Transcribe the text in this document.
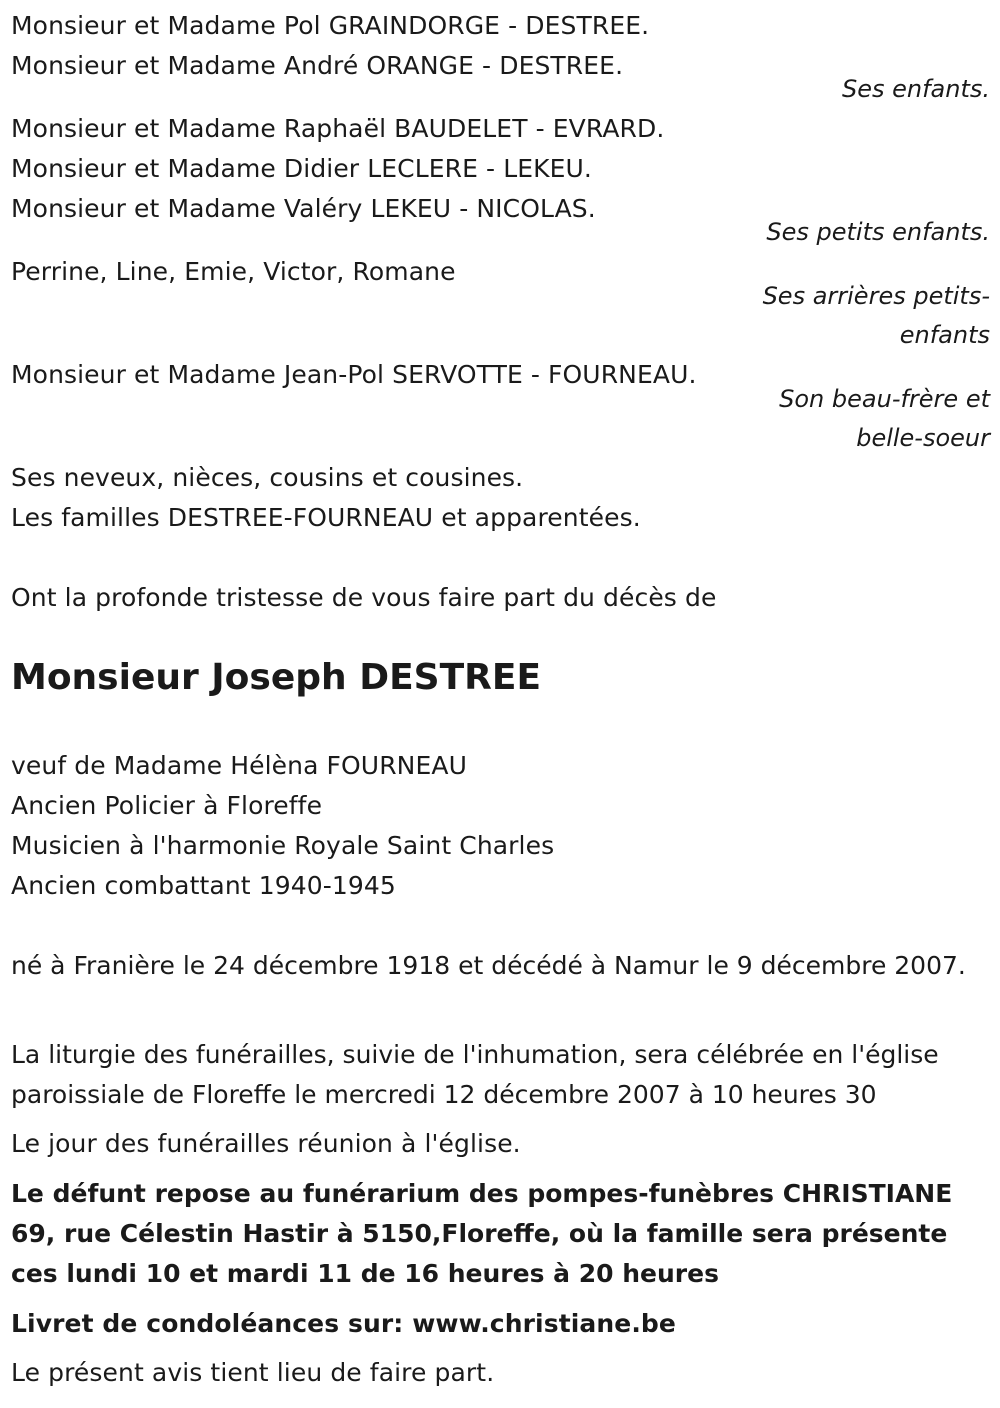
Monsieur et Madame Pol GRAINDORGE - DESTREE.
Monsieur et Madame André ORANGE - DESTREE.
Ses enfants.
Monsieur et Madame Raphaël BAUDELET - EVRARD.
Monsieur et Madame Didier LECLERE - LEKEU.
Monsieur et Madame Valéry LEKEU - NICOLAS.
Ses petits enfants.
Perrine, Line, Emie, Victor, Romane
Ses arrières petits-
enfants
Monsieur et Madame Jean-Pol SERVOTTE - FOURNEAU.
Son beau-frère et
belle-soeur
Ses neveux, nièces, cousins et cousines.
Les familles DESTREE-FOURNEAU et apparentées.
Ont la profonde tristesse de vous faire part du décès de
Monsieur Joseph DESTREE
veuf de Madame Hélèna FOURNEAU
Ancien Policier à Floreffe
Musicien à l'harmonie Royale Saint Charles
Ancien combattant 1940-1945
né à Franière le 24 décembre 1918 et décédé à Namur le 9 décembre 2007.
La liturgie des funérailles, suivie de l'inhumation, sera célébrée en l'église paroissiale de Floreffe le mercredi 12 décembre 2007 à 10 heures 30
Le jour des funérailles réunion à l'église.
Le défunt repose au funérarium des pompes-funèbres CHRISTIANE 69, rue Célestin Hastir à 5150,Floreffe, où la famille sera présente ces lundi 10 et mardi 11 de 16 heures à 20 heures
Livret de condoléances sur: www.christiane.be
Le présent avis tient lieu de faire part.
